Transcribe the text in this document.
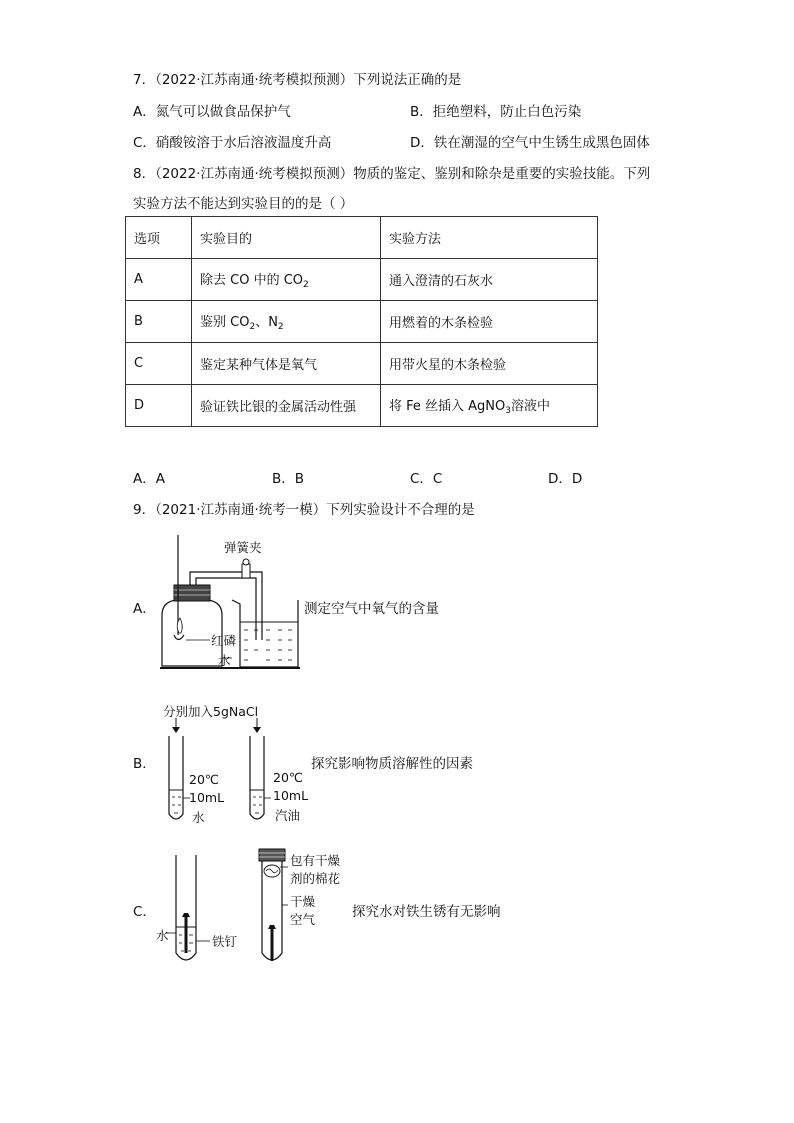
7．（2022·江苏南通·统考模拟预测）下列说法正确的是
A．氮气可以做食品保护气	B．拒绝塑料，防止白色污染
C．硝酸铵溶于水后溶液温度升高	D．铁在潮湿的空气中生锈生成黑色固体
8．（2022·江苏南通·统考模拟预测）物质的鉴定、鉴别和除杂是重要的实验技能。下列
实验方法不能达到实验目的的是（ ）
选项	实验目的	实验方法
A	除去 CO 中的 $CO_2$	通入澄清的石灰水
B	鉴别 $CO_2$、$N_2$	用燃着的木条检验
C	鉴定某种气体是氧气	用带火星的木条检验
D	验证铁比银的金属活动性强	将 Fe 丝插入 AgNO$_3$溶液中
A．A	B．B	C．C	D．D
9．（2021·江苏南通·统考一模）下列实验设计不合理的是
A．
弹簧夹
红磷
水
测定空气中氧气的含量
分别加入5gNaCl
B．
20℃
10mL
水
20℃
10mL
汽油
探究影响物质溶解性的因素
C．
水	铁钉
包有干燥
剂的棉花
干燥
空气	探究水对铁生锈有无影响
